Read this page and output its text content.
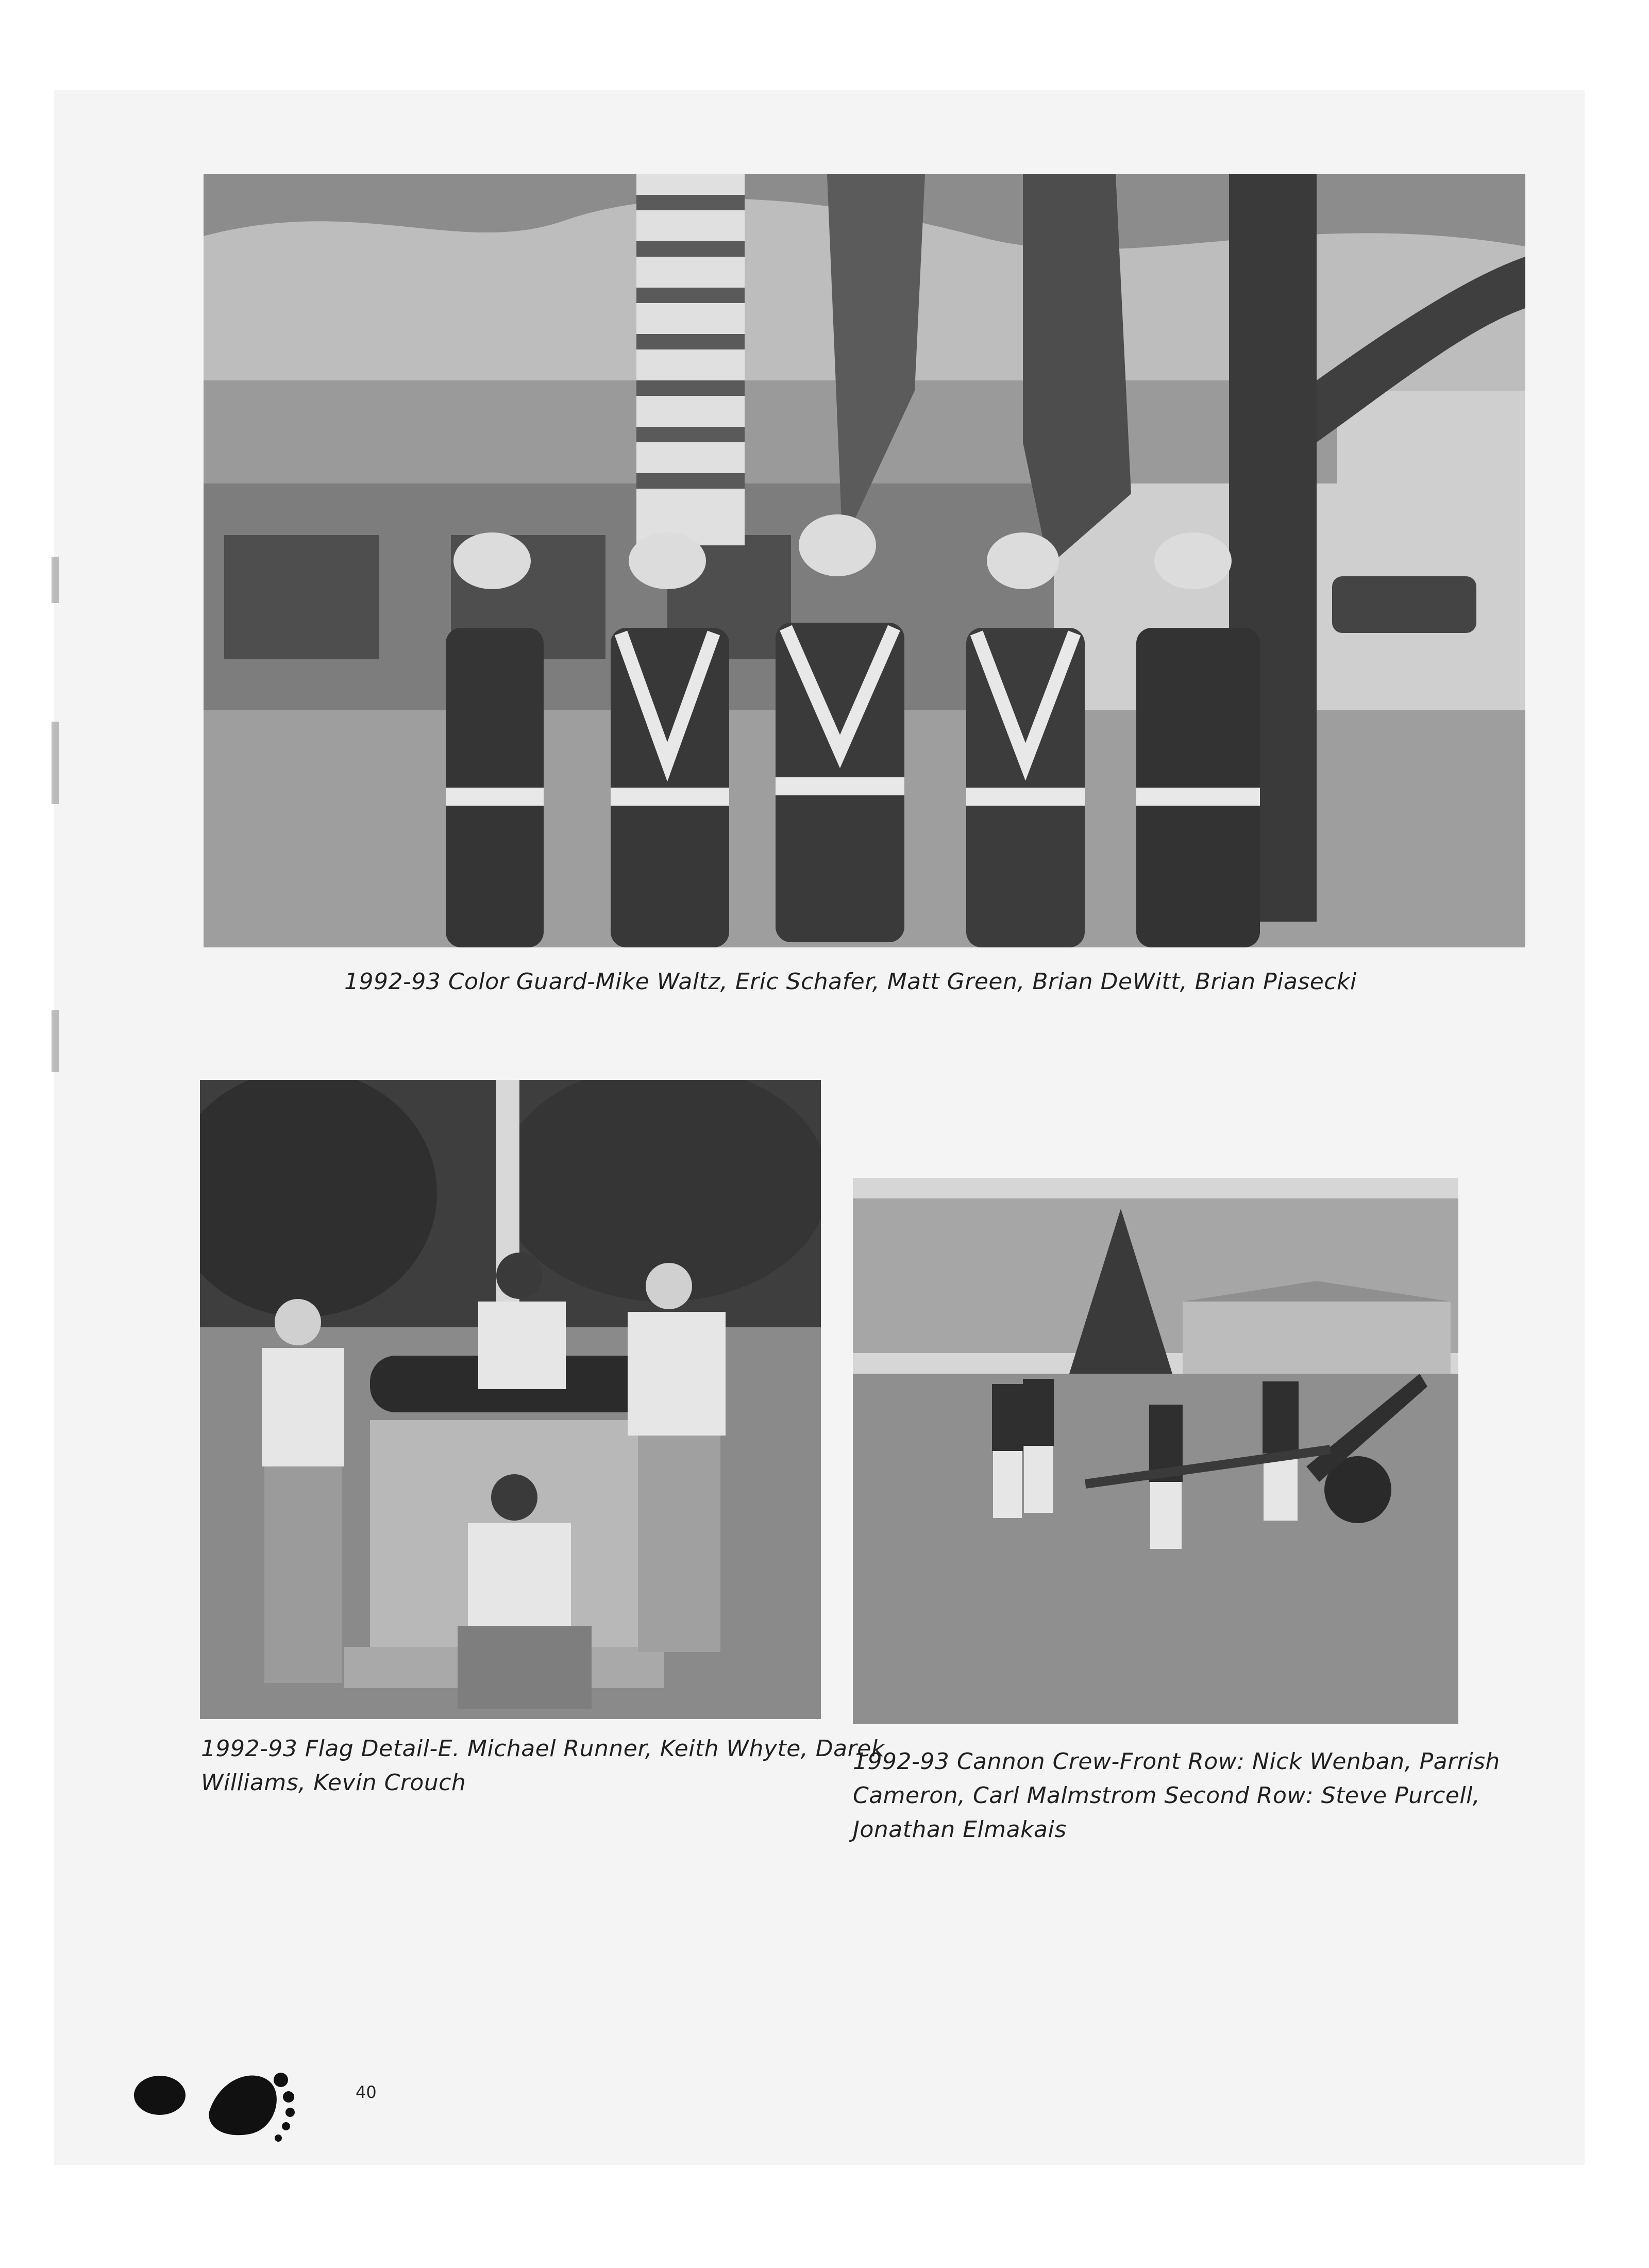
1992-93 Color Guard-Mike Waltz, Eric Schafer, Matt Green, Brian DeWitt, Brian Piasecki
1992-93 Flag Detail-E. Michael Runner, Keith Whyte, Darek
Williams, Kevin Crouch
1992-93 Cannon Crew-Front Row: Nick Wenban, Parrish
Cameron, Carl Malmstrom Second Row: Steve Purcell,
Jonathan Elmakais
40
